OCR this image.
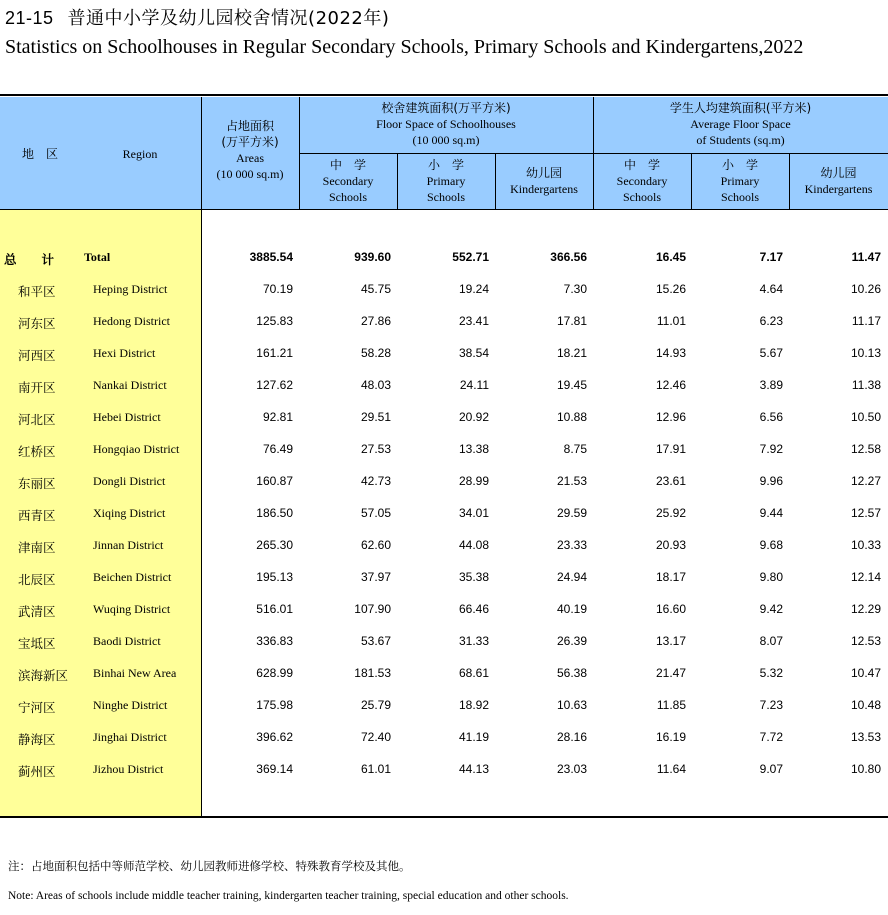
21-15 普通中小学及幼儿园校舍情况(2022年)
Statistics on Schoolhouses in Regular Secondary Schools, Primary Schools and Kindergartens,2022
地　区	Region
占地面积
(万平方米)
Areas
(10 000 sq.m)
校舍建筑面积(万平方米)
Floor Space of Schoolhouses
(10 000 sq.m)
学生人均建筑面积(平方米)
Average Floor Space
of Students (sq.m)
中　学
Secondary
Schools
小　学
Primary
Schools
幼儿园
Kindergartens
中　学
Secondary
Schools
小　学
Primary
Schools
幼儿园
Kindergartens
总　　计 Total	3885.54	939.60	552.71	366.56	16.45	7.17	11.47
和平区	Heping District	70.19	45.75	19.24	7.30	15.26	4.64	10.26
河东区	Hedong District	125.83	27.86	23.41	17.81	11.01	6.23	11.17
河西区	Hexi District	161.21	58.28	38.54	18.21	14.93	5.67	10.13
南开区	Nankai District	127.62	48.03	24.11	19.45	12.46	3.89	11.38
河北区	Hebei District	92.81	29.51	20.92	10.88	12.96	6.56	10.50
红桥区	Hongqiao District	76.49	27.53	13.38	8.75	17.91	7.92	12.58
东丽区	Dongli District	160.87	42.73	28.99	21.53	23.61	9.96	12.27
西青区	Xiqing District	186.50	57.05	34.01	29.59	25.92	9.44	12.57
津南区	Jinnan District	265.30	62.60	44.08	23.33	20.93	9.68	10.33
北辰区	Beichen District	195.13	37.97	35.38	24.94	18.17	9.80	12.14
武清区	Wuqing District	516.01	107.90	66.46	40.19	16.60	9.42	12.29
宝坻区	Baodi District	336.83	53.67	31.33	26.39	13.17	8.07	12.53
滨海新区 Binhai New Area	628.99	181.53	68.61	56.38	21.47	5.32	10.47
宁河区	Ninghe District	175.98	25.79	18.92	10.63	11.85	7.23	10.48
静海区	Jinghai District	396.62	72.40	41.19	28.16	16.19	7.72	13.53
蓟州区	Jizhou District	369.14	61.01	44.13	23.03	11.64	9.07	10.80
注：占地面积包括中等师范学校、幼儿园教师进修学校、特殊教育学校及其他。
Note: Areas of schools include middle teacher training, kindergarten teacher training, special education and other schools.
